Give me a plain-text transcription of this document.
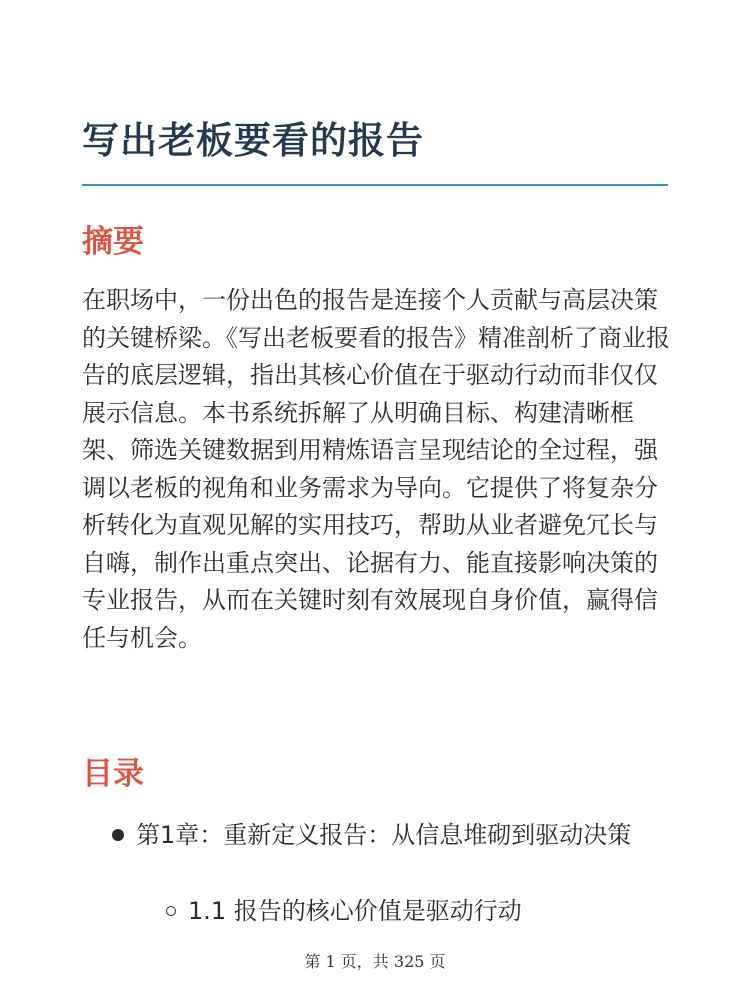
写出老板要看的报告
摘要

在职场中，一份出色的报告是连接个人贡献与高层决策的关键桥梁。《写出老板要看的报告》精准剖析了商业报告的底层逻辑，指出其核心价值在于驱动行动而非仅仅展示信息。本书系统拆解了从明确目标、构建清晰框架、筛选关键数据到用精炼语言呈现结论的全过程，强调以老板的视角和业务需求为导向。它提供了将复杂分析转化为直观见解的实用技巧，帮助从业者避免冗长与自嗨，制作出重点突出、论据有力、能直接影响决策的专业报告，从而在关键时刻有效展现自身价值，赢得信任与机会。

目录
第1章：重新定义报告：从信息堆砌到驱动决策
1.1 报告的核心价值是驱动行动
第 1 页，共 325 页
